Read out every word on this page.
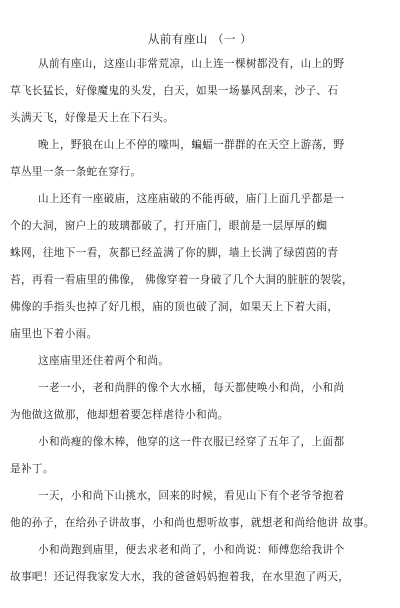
从前有座山 （一 ）
从前有座山，这座山非常荒凉，山上连一棵树都没有，山上的野
草飞长猛长，好像魔鬼的头发，白天，如果一场暴风刮来，沙子、石
头满天飞，好像是天上在下石头。
晚上，野狼在山上不停的嚎叫，蝙蝠一群群的在天空上游荡，野
草丛里一条一条蛇在穿行。
山上还有一座破庙，这座庙破的不能再破，庙门上面几乎都是一
个的大洞，窗户上的玻璃都破了，打开庙门，眼前是一层厚厚的蜘
蛛网，往地下一看，灰都已经盖满了你的脚，墙上长满了绿茵茵的青
苔，再看一看庙里的佛像， 佛像穿着一身破了几个大洞的脏脏的袈裟，
佛像的手指头也掉了好几根，庙的顶也破了洞，如果天上下着大雨，
庙里也下着小雨。
这座庙里还住着两个和尚。
一老一小，老和尚胖的像个大水桶，每天都使唤小和尚，小和尚
为他做这做那，他却想着要怎样虐待小和尚。
小和尚瘦的像木棒，他穿的这一件衣服已经穿了五年了，上面都
是补丁。
一天，小和尚下山挑水，回来的时候，看见山下有个老爷爷抱着
他的孙子，在给孙子讲故事，小和尚也想听故事，就想老和尚给他讲 故事。
小和尚跑到庙里，便去求老和尚了，小和尚说：师傅您给我讲个
故事吧！还记得我家发大水，我的爸爸妈妈抱着我，在水里泡了两天，
